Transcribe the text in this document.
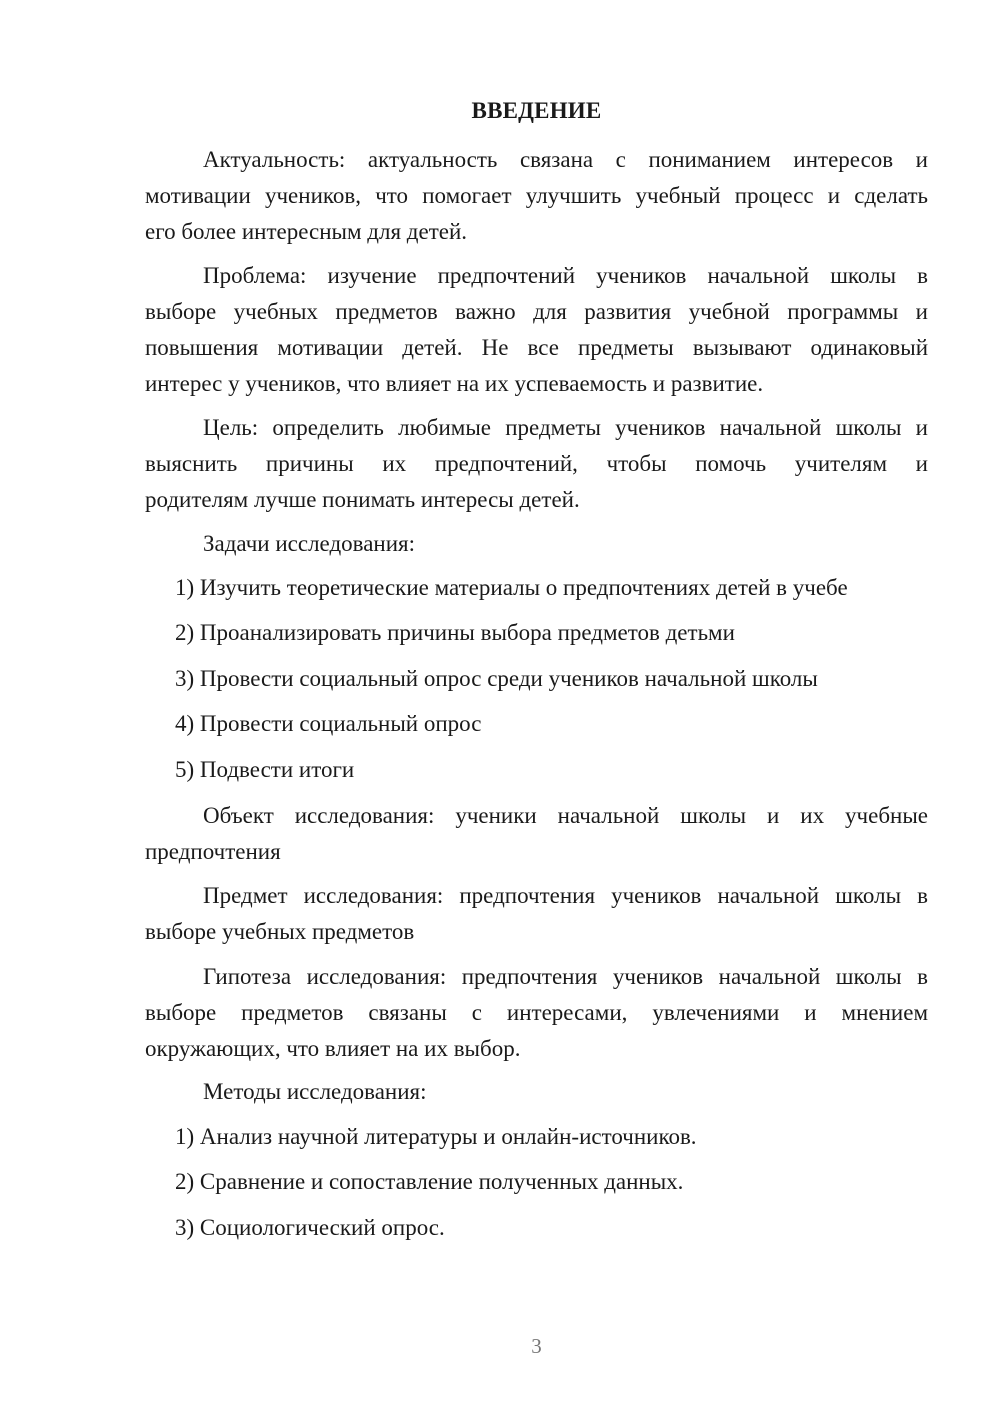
ВВЕДЕНИЕ
Актуальность: актуальность связана с пониманием интересов и
мотивации учеников, что помогает улучшить учебный процесс и сделать
его более интересным для детей.
Проблема: изучение предпочтений учеников начальной школы в
выборе учебных предметов важно для развития учебной программы и
повышения мотивации детей. Не все предметы вызывают одинаковый
интерес у учеников, что влияет на их успеваемость и развитие.
Цель: определить любимые предметы учеников начальной школы и
выяснить причины их предпочтений, чтобы помочь учителям и
родителям лучше понимать интересы детей.
Задачи исследования:
1) Изучить теоретические материалы о предпочтениях детей в учебе
2) Проанализировать причины выбора предметов детьми
3) Провести социальный опрос среди учеников начальной школы
4) Провести социальный опрос
5) Подвести итоги
Объект исследования: ученики начальной школы и их учебные
предпочтения
Предмет исследования: предпочтения учеников начальной школы в
выборе учебных предметов
Гипотеза исследования: предпочтения учеников начальной школы в
выборе предметов связаны с интересами, увлечениями и мнением
окружающих, что влияет на их выбор.
Методы исследования:
1) Анализ научной литературы и онлайн-источников.
2) Сравнение и сопоставление полученных данных.
3) Социологический опрос.
3
